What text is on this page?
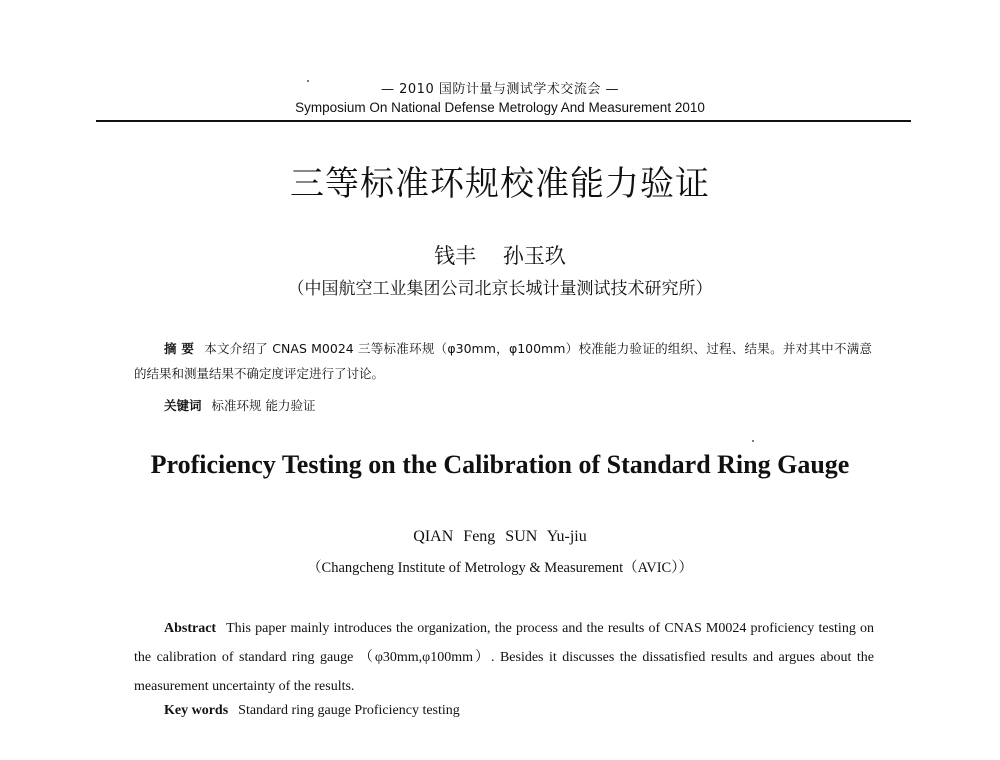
— 2010 国防计量与测试学术交流会 —
Symposium On National Defense Metrology And Measurement 2010
三等标准环规校准能力验证
钱丰 孙玉玖
（中国航空工业集团公司北京长城计量测试技术研究所）
摘 要 本文介绍了 CNAS M0024 三等标准环规（φ30mm，φ100mm）校准能力验证的组织、过程、结果。并对其中不满意的结果和测量结果不确定度评定进行了讨论。
关键词 标准环规 能力验证
Proficiency Testing on the Calibration of Standard Ring Gauge
QIAN Feng SUN Yu-jiu
（Changcheng Institute of Metrology & Measurement（AVIC））
Abstract This paper mainly introduces the organization, the process and the results of CNAS M0024 proficiency testing on the calibration of standard ring gauge （φ30mm,φ100mm）. Besides it discusses the dissatisfied results and argues about the measurement uncertainty of the results.
Key words Standard ring gauge Proficiency testing
